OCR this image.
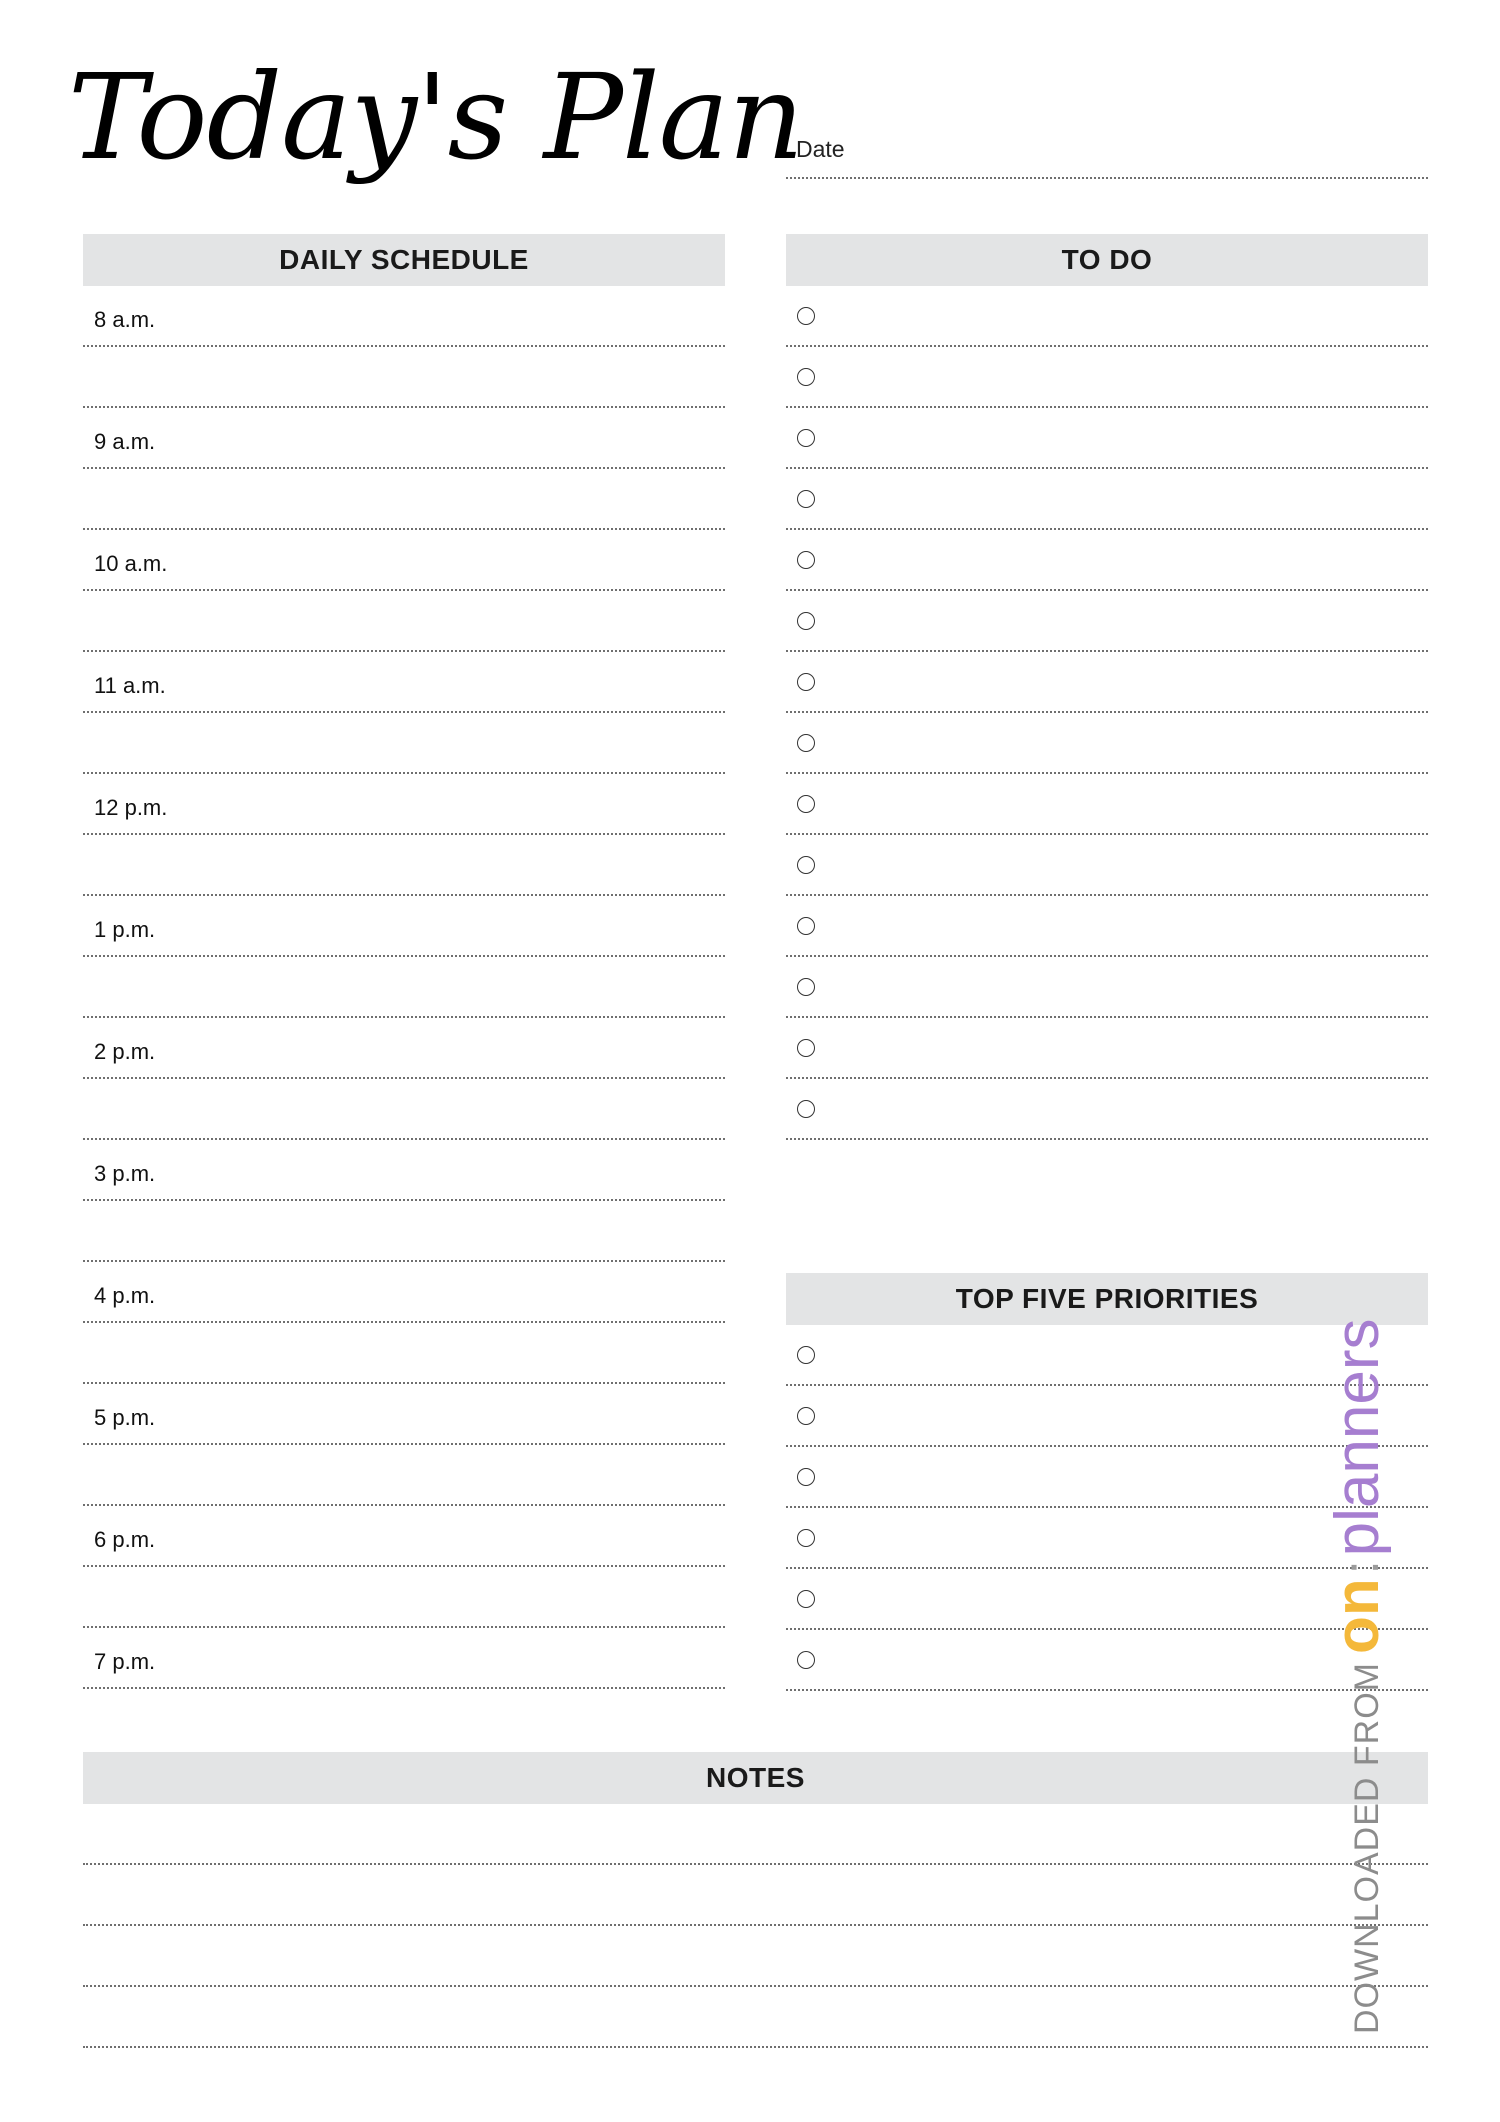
Today's Plan
Date
DAILY SCHEDULE
8 a.m.
9 a.m.
10 a.m.
11 a.m.
12 p.m.
1 p.m.
2 p.m.
3 p.m.
4 p.m.
5 p.m.
6 p.m.
7 p.m.
TO DO
TOP FIVE PRIORITIES
NOTES	DOWNLOADED FROM
on
:
planners
